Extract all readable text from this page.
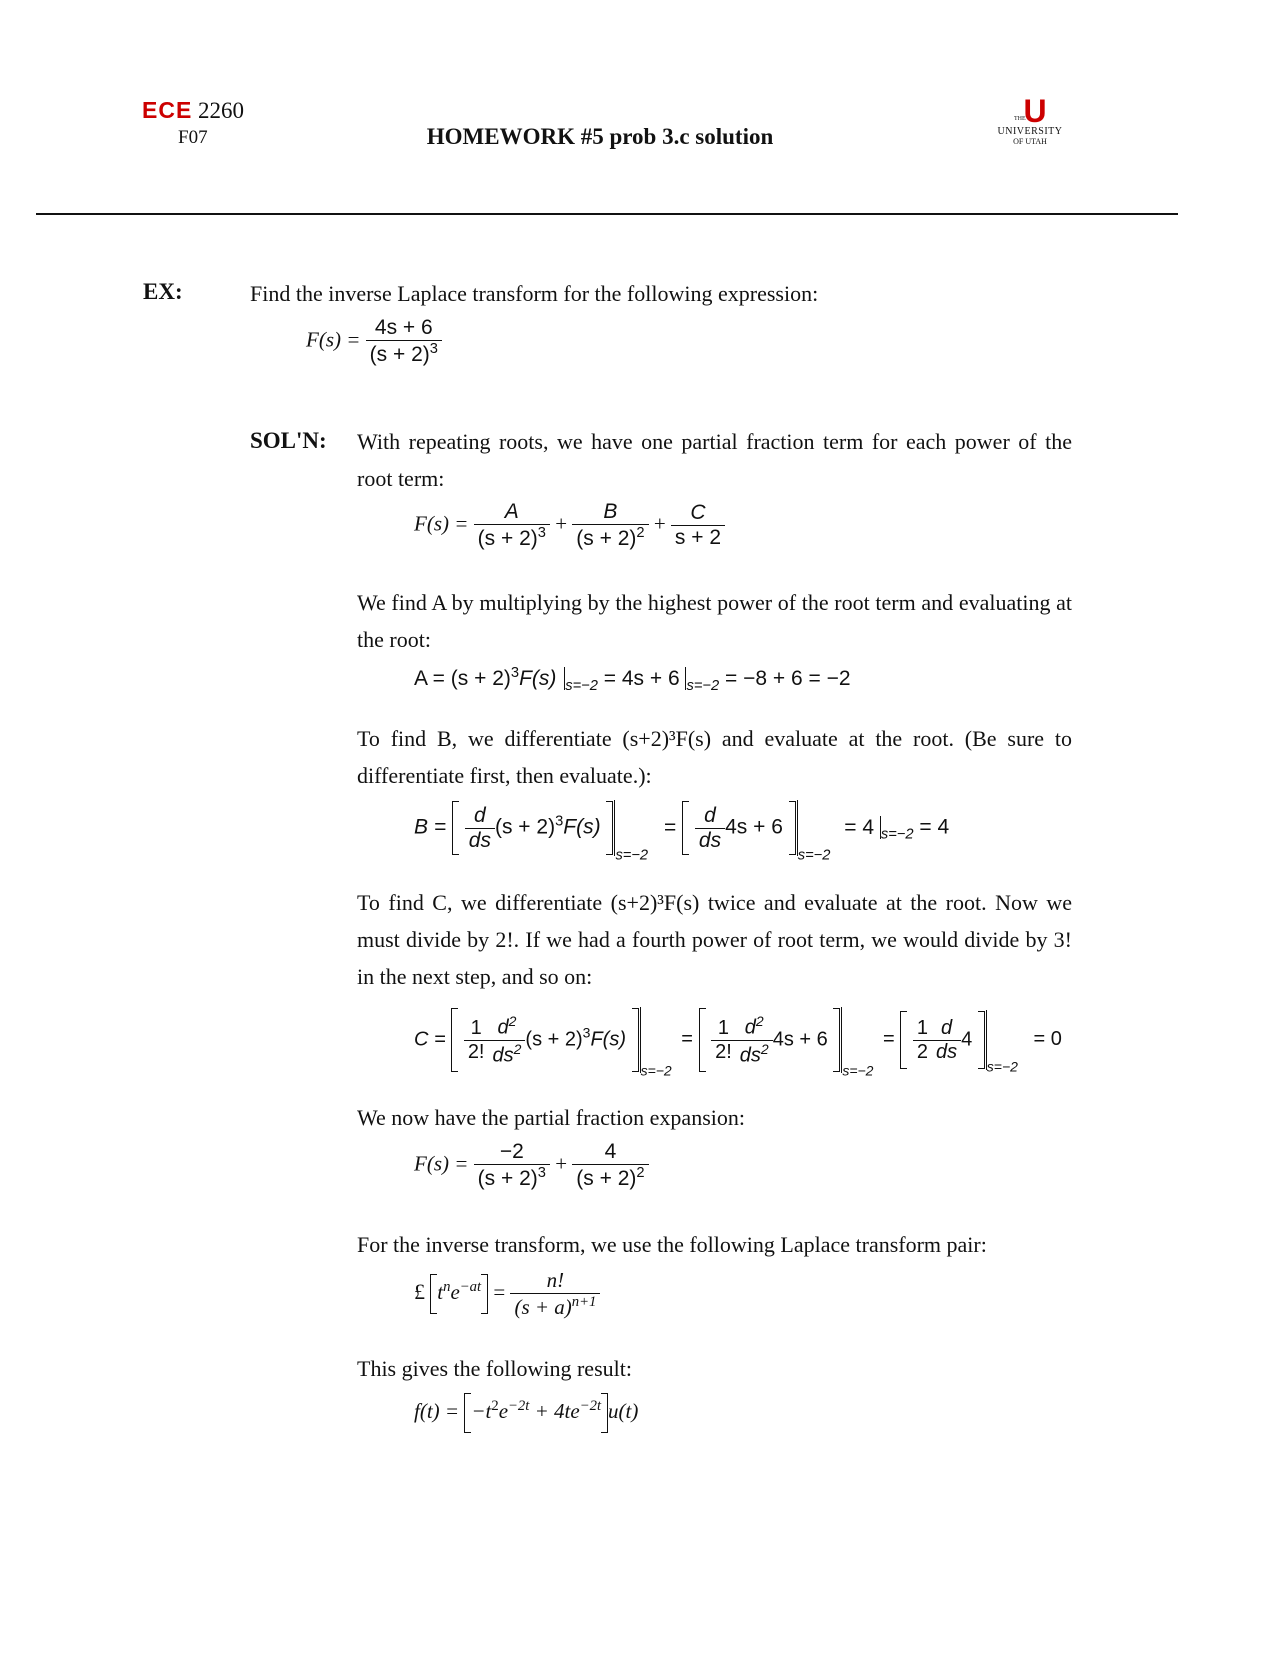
ECE 2260
F07	HOMEWORK #5 prob 3.c solution
THE
U
UNIVERSITY
OF UTAH
EX:	Find the inverse Laplace transform for the following expression:
$F(s) = \frac{4s + 6}{(s + 2)^3}$
SOL'N: With repeating roots, we have one partial fraction term for each power of the root term:
$F(s) = \frac{A}{(s + 2)^3} + \frac{B}{(s + 2)^2} + \frac{C}{s + 2}$
We find A by multiplying by the highest power of the root term and evaluating at the root:
$A = (s + 2)^3F(s)$ $_{s=-2}$ = 4s + 6 $_{s=-2}$ = −8 + 6 = −2
To find B, we differentiate (s+2)³F(s) and evaluate at the root. (Be sure to differentiate first, then evaluate.):
$B = \frac{d}{ds} (s + 2)^3F(s) _{s=-2} = \frac{d}{ds} 4s + 6$ $_{s=-2}$ = 4 $_{s=-2}$ = 4
To find C, we differentiate (s+2)³F(s) twice and evaluate at the root. Now we must divide by 2!. If we had a fourth power of root term, we would divide by 3! in the next step, and so on:
$C = \frac{1}{2!} \frac{d^2}{ds^2} (s + 2)^3F(s) _{s=-2} = \frac{1}{2!} \frac{d^2}{ds^2} 4s + 6$ $_{s=-2} = \frac{1}{2} \frac{d}{ds} 4$ $_{s=-2}$ = 0
We now have the partial fraction expansion:
$F(s) = \frac{-2}{(s + 2)^3} + \frac{4}{(s + 2)^2}$
For the inverse transform, we use the following Laplace transform pair:
£ $t^ne^{-at} = \frac{n!}{(s + a)^{n+1}}$
This gives the following result:
$f(t) = -t^2e^{-2t} + 4te^{-2t}$ u(t)
